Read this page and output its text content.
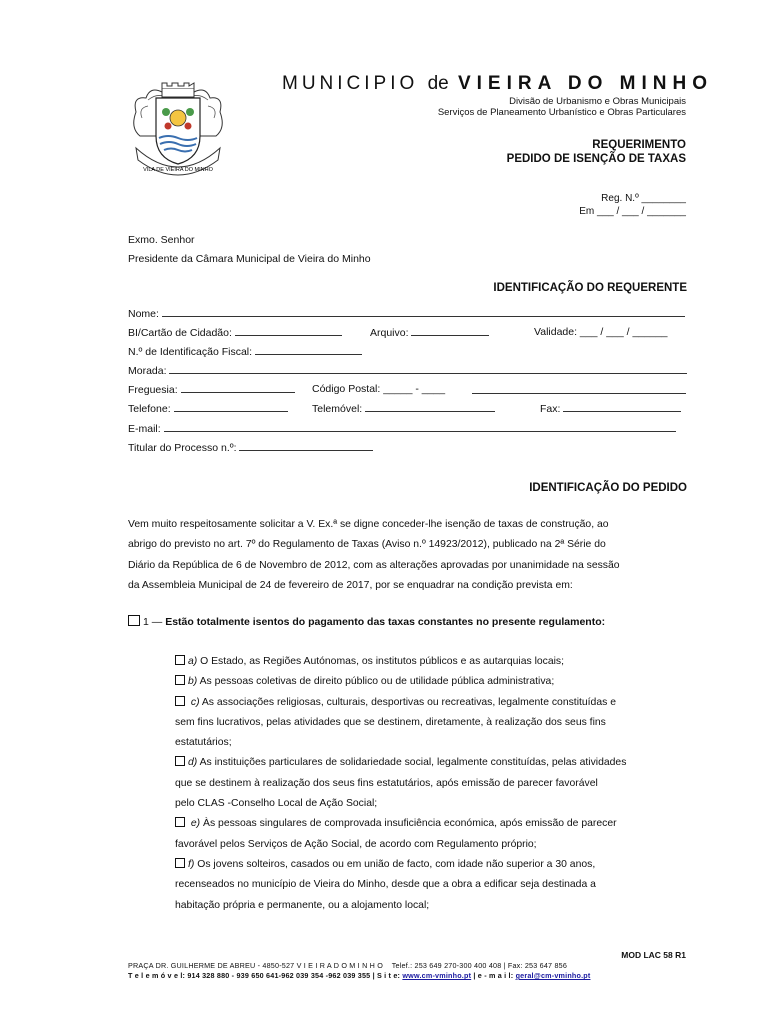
VILA DE VIEIRA DO MINHO
MUNICIPIO de VIEIRA DO MINHO
Divisão de Urbanismo e Obras Municipais
Serviços de Planeamento Urbanístico e Obras Particulares
REQUERIMENTO
PEDIDO DE ISENÇÃO DE TAXAS
Reg. N.º ________
Em ___ / ___ / _______
Exmo. Senhor
Presidente da Câmara Municipal de Vieira do Minho
IDENTIFICAÇÃO DO REQUERENTE
Nome:
BI/Cartão de Cidadão:	Arquivo:	Validade: ___ / ___ / ______
N.º de Identificação Fiscal:
Morada:
Freguesia:	Código Postal: _____ - ____
Telefone:	Telemóvel:	Fax:
E-mail:
Titular do Processo n.º:
IDENTIFICAÇÃO DO PEDIDO

Vem muito respeitosamente solicitar a V. Ex.ª se digne conceder-lhe isenção de taxas de construção, ao

abrigo do previsto no art. 7º do Regulamento de Taxas (Aviso n.º 14923/2012), publicado na 2ª Série do

Diário da República de 6 de Novembro de 2012, com as alterações aprovadas por unanimidade na sessão

da Assembleia Municipal de 24 de fevereiro de 2017, por se enquadrar na condição prevista em:

1 — Estão totalmente isentos do pagamento das taxas constantes no presente regulamento:

a) O Estado, as Regiões Autónomas, os institutos públicos e as autarquias locais;

b) As pessoas coletivas de direito público ou de utilidade pública administrativa;

c) As associações religiosas, culturais, desportivas ou recreativas, legalmente constituídas e

sem fins lucrativos, pelas atividades que se destinem, diretamente, à realização dos seus fins

estatutários;

d) As instituições particulares de solidariedade social, legalmente constituídas, pelas atividades

que se destinem à realização dos seus fins estatutários, após emissão de parecer favorável

pelo CLAS -Conselho Local de Ação Social;

e) Às pessoas singulares de comprovada insuficiência económica, após emissão de parecer

favorável pelos Serviços de Ação Social, de acordo com Regulamento próprio;

f) Os jovens solteiros, casados ou em união de facto, com idade não superior a 30 anos,

recenseados no município de Vieira do Minho, desde que a obra a edificar seja destinada a

habitação própria e permanente, ou a alojamento local;

MOD LAC 58 R1
PRAÇA DR. GUILHERME DE ABREU - 4850-527 V I E I R A D O M I N H O Telef.: 253 649 270-300 400 408 | Fax: 253 647 856
T e l e m ó v e l: 914 328 880 - 939 650 641-962 039 354 -962 039 355 | S i t e: www.cm-vminho.pt | e - m a i l: geral@cm-vminho.pt
